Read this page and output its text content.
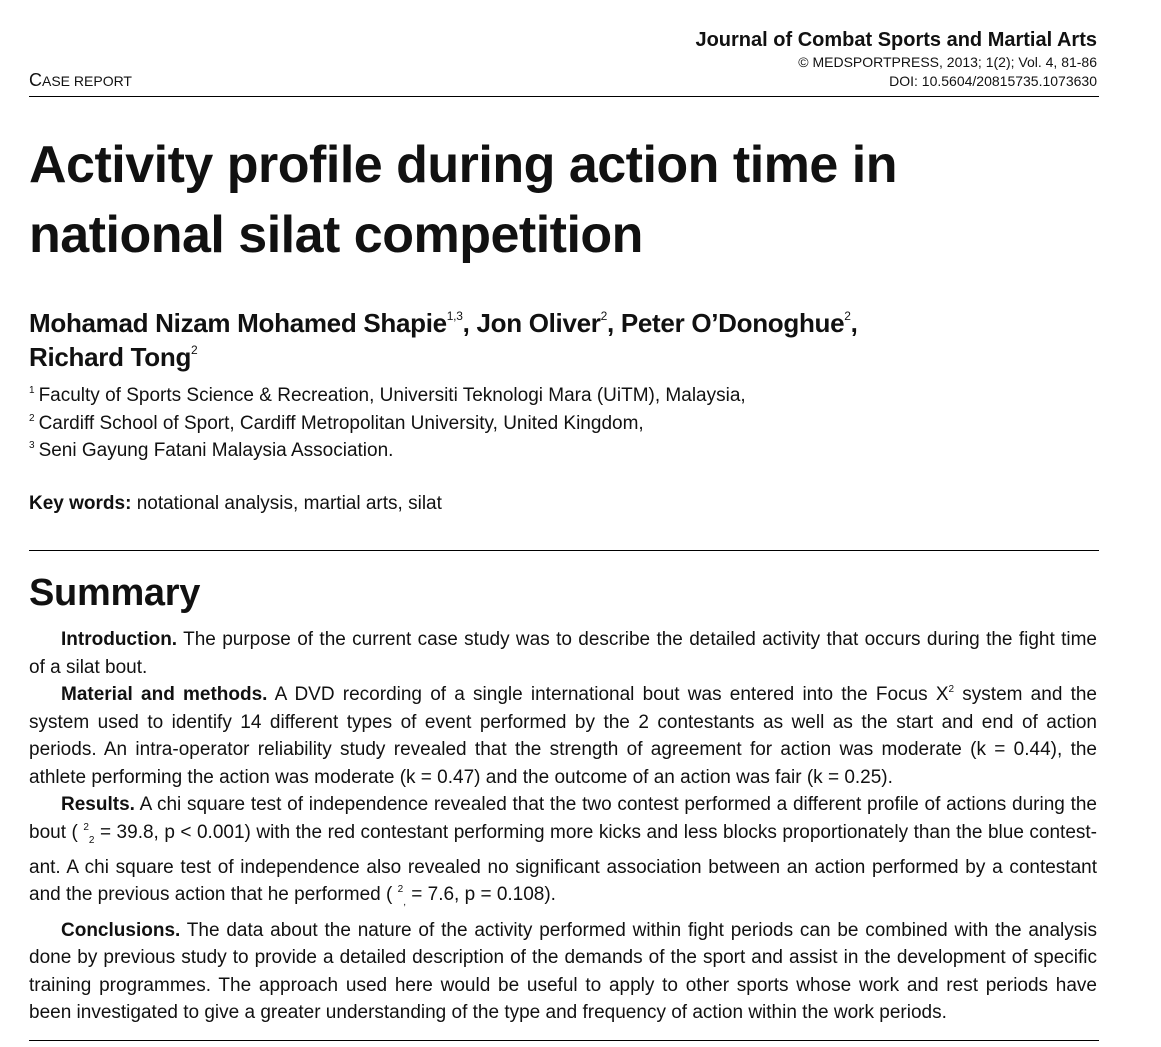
Journal of Combat Sports and Martial Arts
© MEDSPORTPRESS, 2013; 1(2); Vol. 4, 81-86
DOI: 10.5604/20815735.1073630
CASE REPORT
Activity profile during action time in national silat competition
Mohamad Nizam Mohamed Shapie$^{1,3}$, Jon Oliver$^2$, Peter O’Donoghue$^2$,
Richard Tong$^2$
$^1$ Faculty of Sports Science & Recreation, Universiti Teknologi Mara (UiTM), Malaysia,
$^2$ Cardiff School of Sport, Cardiff Metropolitan University, United Kingdom,
$^3$ Seni Gayung Fatani Malaysia Association.
Key words: notational analysis, martial arts, silat
Summary

Introduction. The purpose of the current case study was to describe the detailed activity that occurs during the fight time of a silat bout.

Material and methods. A DVD recording of a single international bout was entered into the Focus $X^2$ system and the system used to identify 14 different types of event performed by the 2 contestants as well as the start and end of action periods. An intra-operator reliability study revealed that the strength of agreement for action was moderate (k = 0.44), the athlete performing the action was moderate (k = 0.47) and the outcome of an action was fair (k = 0.25).

Results. A chi square test of independence revealed that the two contest performed a different profile of actions during the bout ( $^2_2$ = 39.8, p < 0.001) with the red contestant performing more kicks and less blocks proportionately than the blue contestant. A chi square test of independence also revealed no significant association between an action performed by a contestant and the previous action that he performed ( $^2_,$ = 7.6, p = 0.108).

Conclusions. The data about the nature of the activity performed within fight periods can be combined with the analysis done by previous study to provide a detailed description of the demands of the sport and assist in the development of specific training programmes. The approach used here would be useful to apply to other sports whose work and rest periods have been investigated to give a greater understanding of the type and frequency of action within the work periods.
